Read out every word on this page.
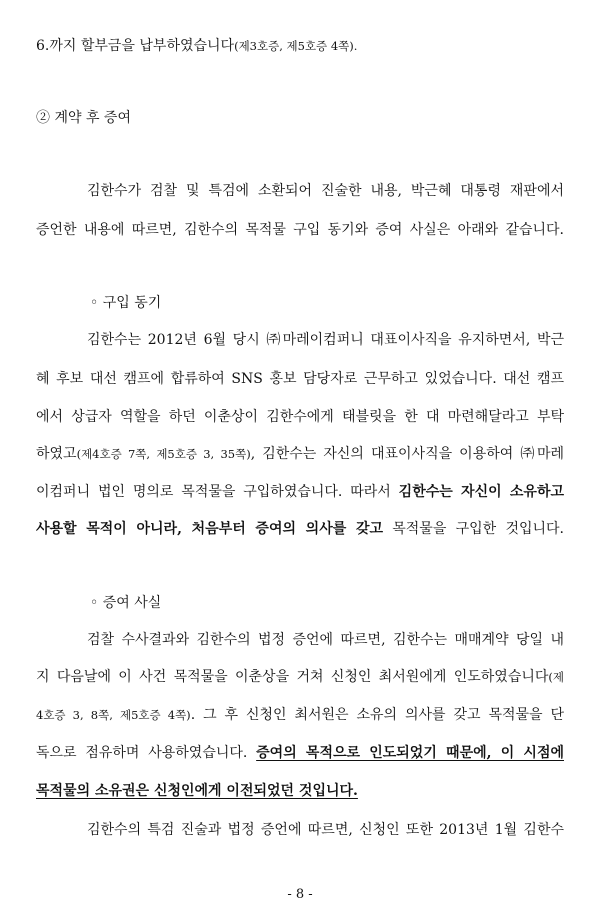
6.까지 할부금을 납부하였습니다(제3호증, 제5호증 4쪽).
② 계약 후 증여
김한수가 검찰 및 특검에 소환되어 진술한 내용, 박근혜 대통령 재판에서
증언한 내용에 따르면, 김한수의 목적물 구입 동기와 증여 사실은 아래와 같습니다.
◦ 구입 동기
김한수는 2012년 6월 당시 ㈜마레이컴퍼니 대표이사직을 유지하면서, 박근
혜 후보 대선 캠프에 합류하여 SNS 홍보 담당자로 근무하고 있었습니다. 대선 캠프
에서 상급자 역할을 하던 이춘상이 김한수에게 태블릿을 한 대 마련해달라고 부탁
하였고(제4호증 7쪽, 제5호증 3, 35쪽), 김한수는 자신의 대표이사직을 이용하여 ㈜마레
이컴퍼니 법인 명의로 목적물을 구입하였습니다. 따라서 김한수는 자신이 소유하고
사용할 목적이 아니라, 처음부터 증여의 의사를 갖고 목적물을 구입한 것입니다.
◦ 증여 사실
검찰 수사결과와 김한수의 법정 증언에 따르면, 김한수는 매매계약 당일 내
지 다음날에 이 사건 목적물을 이춘상을 거쳐 신청인 최서원에게 인도하였습니다(제
4호증 3, 8쪽, 제5호증 4쪽). 그 후 신청인 최서원은 소유의 의사를 갖고 목적물을 단
독으로 점유하며 사용하였습니다. 증여의 목적으로 인도되었기 때문에, 이 시점에
목적물의 소유권은 신청인에게 이전되었던 것입니다.
김한수의 특검 진술과 법정 증언에 따르면, 신청인 또한 2013년 1월 김한수
- 8 -
